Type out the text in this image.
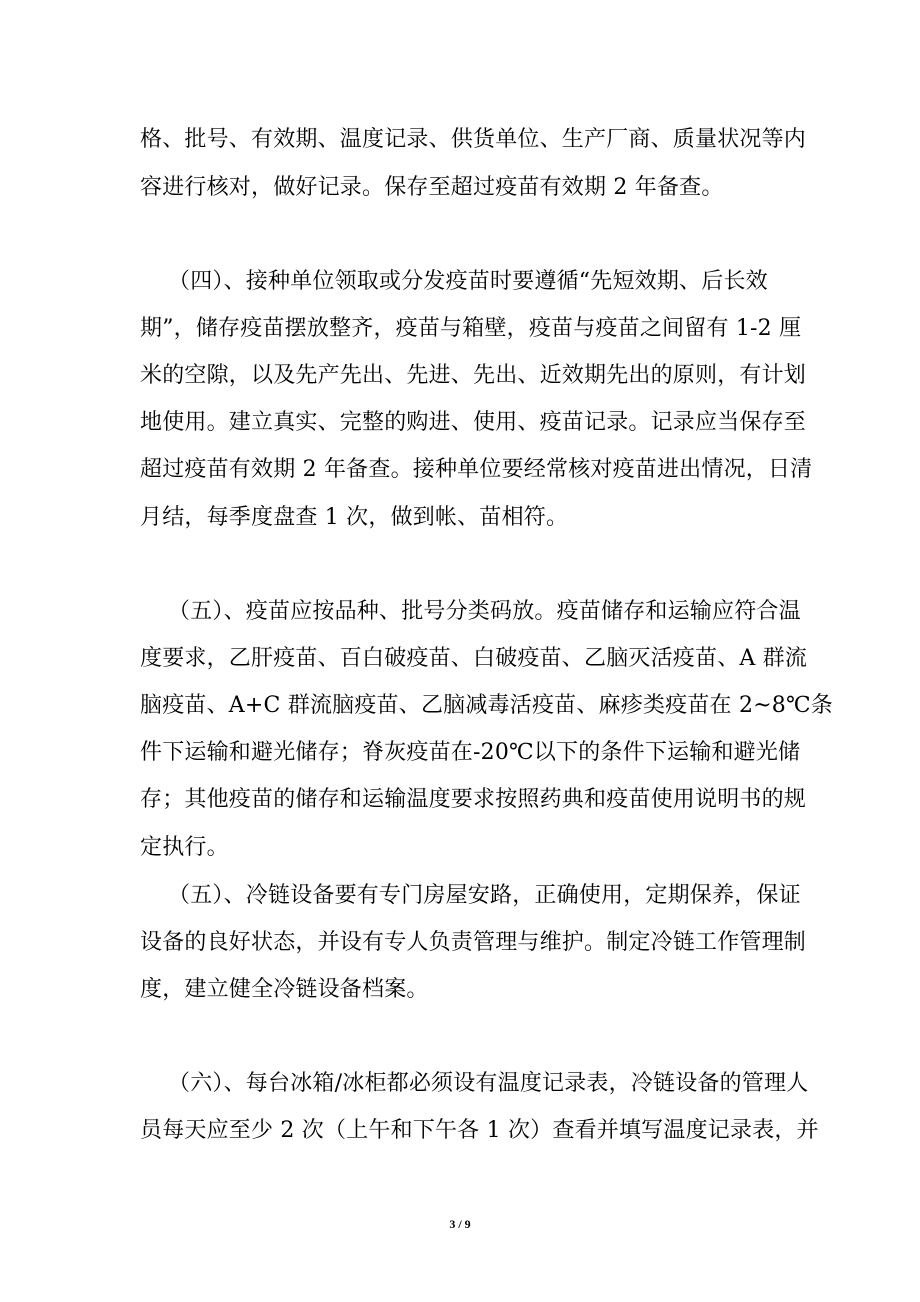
格、批号、有效期、温度记录、供货单位、生产厂商、质量状况等内
容进行核对，做好记录。保存至超过疫苗有效期 2 年备查。
（四）、接种单位领取或分发疫苗时要遵循“先短效期、后长效
期”，储存疫苗摆放整齐，疫苗与箱壁，疫苗与疫苗之间留有 1-2 厘
米的空隙，以及先产先出、先进、先出、近效期先出的原则，有计划
地使用。建立真实、完整的购进、使用、疫苗记录。记录应当保存至
超过疫苗有效期 2 年备查。接种单位要经常核对疫苗进出情况，日清
月结，每季度盘查 1 次，做到帐、苗相符。
（五）、疫苗应按品种、批号分类码放。疫苗储存和运输应符合温
度要求，乙肝疫苗、百白破疫苗、白破疫苗、乙脑灭活疫苗、A 群流
脑疫苗、A+C 群流脑疫苗、乙脑减毒活疫苗、麻疹类疫苗在 2~8℃条
件下运输和避光储存；脊灰疫苗在-20℃以下的条件下运输和避光储
存；其他疫苗的储存和运输温度要求按照药典和疫苗使用说明书的规
定执行。
（五）、冷链设备要有专门房屋安路，正确使用，定期保养，保证
设备的良好状态，并设有专人负责管理与维护。制定冷链工作管理制
度，建立健全冷链设备档案。
（六）、每台冰箱/冰柜都必须设有温度记录表，冷链设备的管理人
员每天应至少 2 次（上午和下午各 1 次）查看并填写温度记录表，并
3 / 9
